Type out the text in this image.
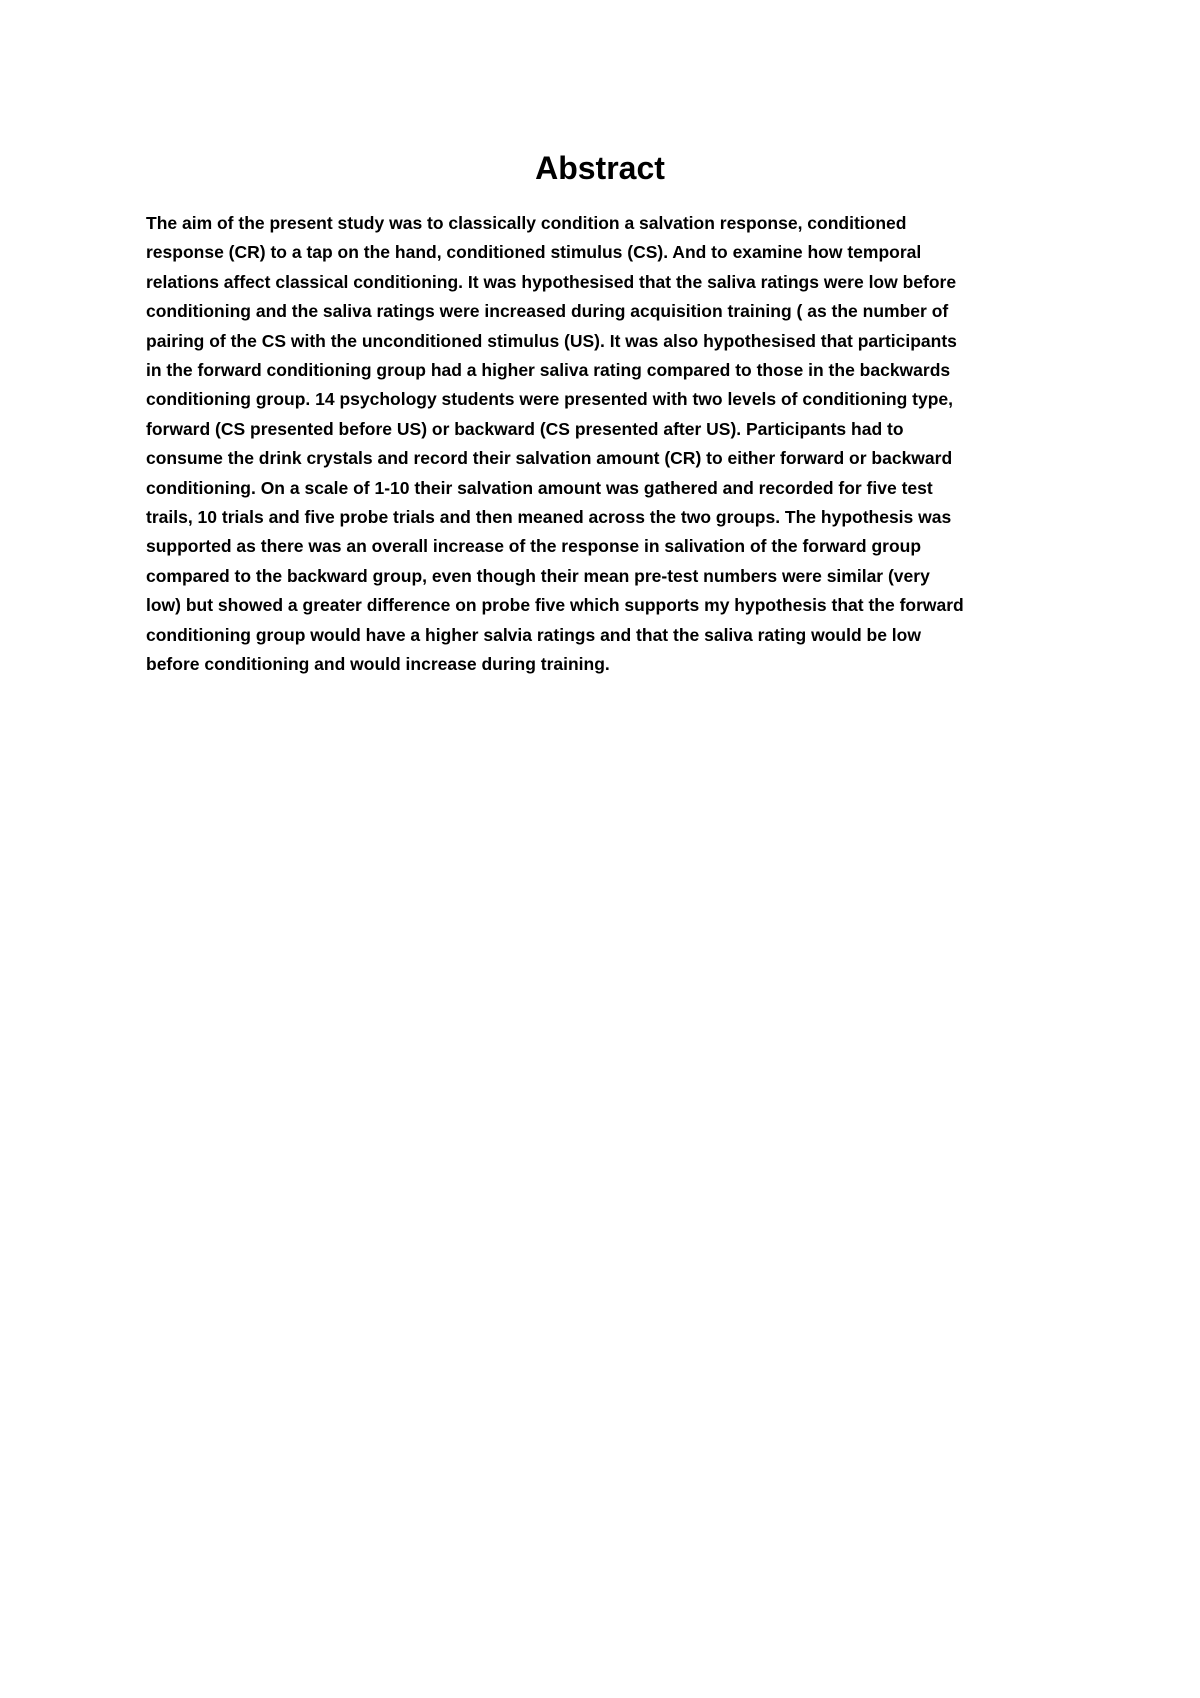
Abstract

The aim of the present study was to classically condition a salvation response, conditioned
response (CR) to a tap on the hand, conditioned stimulus (CS). And to examine how temporal
relations affect classical conditioning. It was hypothesised that the saliva ratings were low before
conditioning and the saliva ratings were increased during acquisition training ( as the number of
pairing of the CS with the unconditioned stimulus (US). It was also hypothesised that participants
in the forward conditioning group had a higher saliva rating compared to those in the backwards
conditioning group. 14 psychology students were presented with two levels of conditioning type,
forward (CS presented before US) or backward (CS presented after US). Participants had to
consume the drink crystals and record their salvation amount (CR) to either forward or backward
conditioning. On a scale of 1-10 their salvation amount was gathered and recorded for five test
trails, 10 trials and five probe trials and then meaned across the two groups. The hypothesis was
supported as there was an overall increase of the response in salivation of the forward group
compared to the backward group, even though their mean pre-test numbers were similar (very
low) but showed a greater difference on probe five which supports my hypothesis that the forward
conditioning group would have a higher salvia ratings and that the saliva rating would be low
before conditioning and would increase during training.
